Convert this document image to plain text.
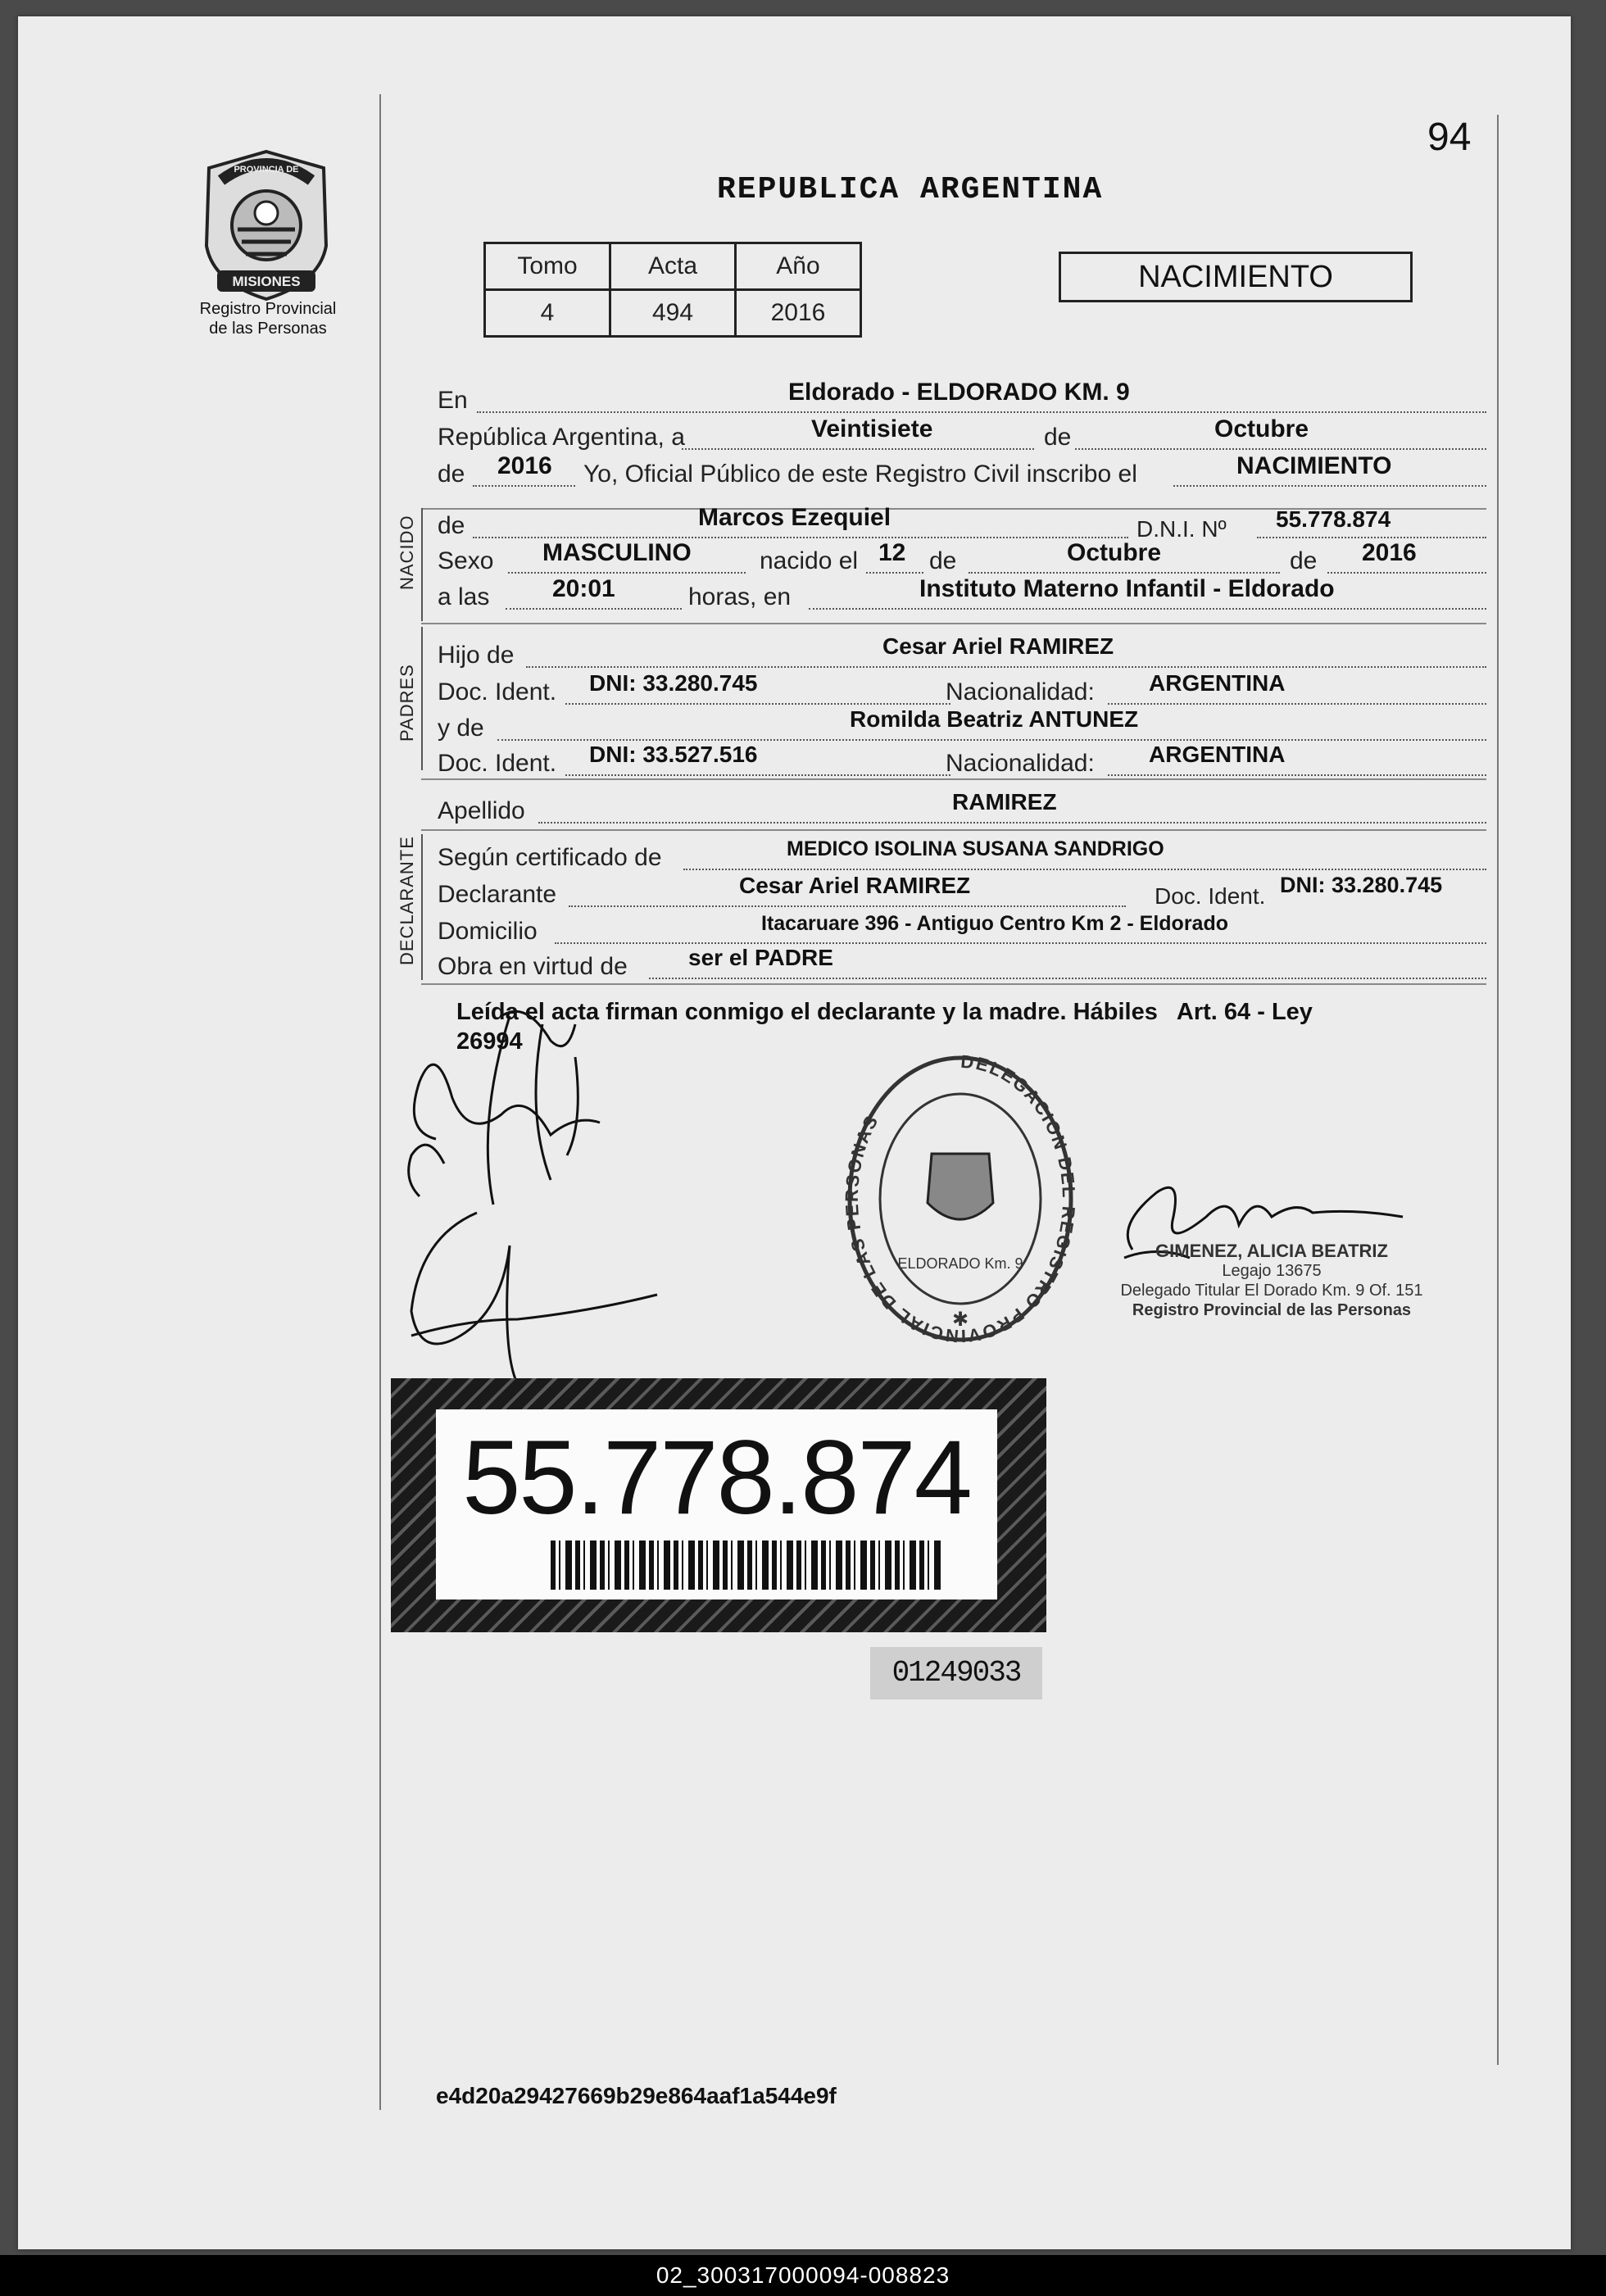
94
MISIONES
PROVINCIA DE
Registro Provincial
de las Personas
REPUBLICA ARGENTINA
Tomo	Acta	Año
4	494	2016
NACIMIENTO
En	Eldorado - ELDORADO KM. 9
República Argentina, a	Veintisiete	de	Octubre
de 2016 Yo, Oficial Público de este Registro Civil inscribo el	NACIMIENTO
NACIDO de	Marcos Ezequiel	D.N.I. Nº 55.778.874
Sexo MASCULINO	nacido el 12 de	Octubre	de 2016
a las	20:01	horas, en	Instituto Materno Infantil - Eldorado
PADRES
Hijo de	Cesar Ariel RAMIREZ
Doc. Ident. DNI: 33.280.745	Nacionalidad: ARGENTINA
y de	Romilda Beatriz ANTUNEZ
Doc. Ident. DNI: 33.527.516	Nacionalidad: ARGENTINA
Apellido	RAMIREZ
DECLARANTE Según certificado de	MEDICO ISOLINA SUSANA SANDRIGO
Declarante	Cesar Ariel RAMIREZ	Doc. Ident. DNI: 33.280.745
Domicilio	Itacaruare 396 - Antiguo Centro Km 2 - Eldorado
Obra en virtud de	ser el PADRE
Leída el acta firman conmigo el declarante y la madre. Hábiles   Art. 64 - Ley
26994
DELEGACION DEL REGISTRO PROVINCIAL DE LAS PERSONAS
ELDORADO Km. 9
✱
GIMENEZ, ALICIA BEATRIZ
Legajo 13675
Delegado Titular El Dorado Km. 9 Of. 151
Registro Provincial de las Personas
55.778.874
01249033
e4d20a29427669b29e864aaf1a544e9f
02_300317000094-008823
